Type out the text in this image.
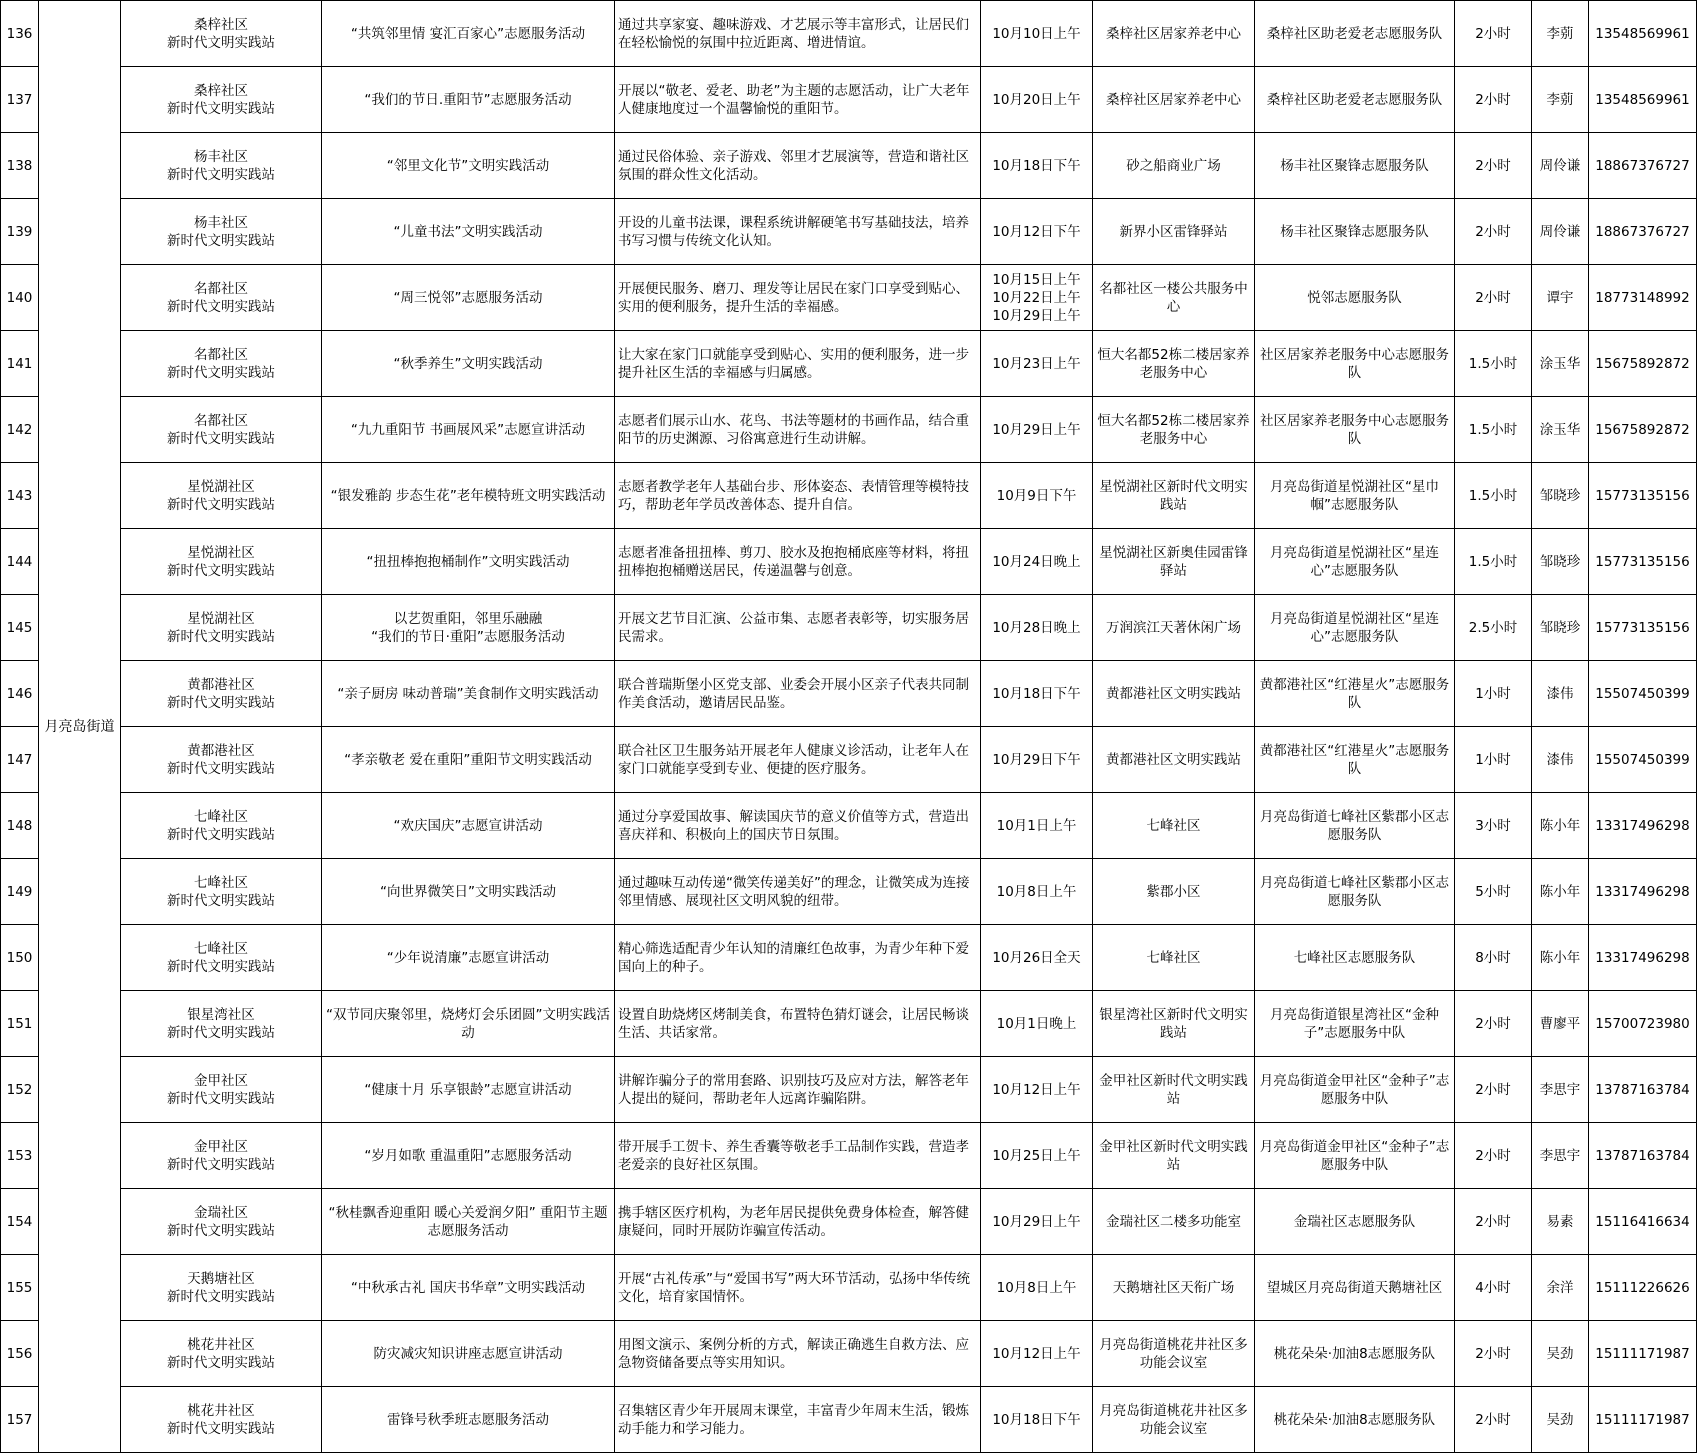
136	月亮岛街道	桑梓社区
新时代文明实践站	“共筑邻里情 宴汇百家心”志愿服务活动	通过共享家宴、趣味游戏、才艺展示等丰富形式，让居民们在轻松愉悦的氛围中拉近距离、增进情谊。	10月10日上午	桑梓社区居家养老中心	桑梓社区助老爱老志愿服务队	2小时	李莂	13548569961
137		桑梓社区
新时代文明实践站	“我们的节日.重阳节”志愿服务活动	开展以“敬老、爱老、助老”为主题的志愿活动，让广大老年人健康地度过一个温馨愉悦的重阳节。	10月20日上午	桑梓社区居家养老中心	桑梓社区助老爱老志愿服务队	2小时	李莂	13548569961
138		杨丰社区
新时代文明实践站	“邻里文化节”文明实践活动	通过民俗体验、亲子游戏、邻里才艺展演等，营造和谐社区氛围的群众性文化活动。	10月18日下午	砂之船商业广场	杨丰社区聚锋志愿服务队	2小时	周伶谦	18867376727
139		杨丰社区
新时代文明实践站	“儿童书法”文明实践活动	开设的儿童书法课，课程系统讲解硬笔书写基础技法，培养书写习惯与传统文化认知。	10月12日下午	新界小区雷锋驿站	杨丰社区聚锋志愿服务队	2小时	周伶谦	18867376727
140		名都社区
新时代文明实践站	“周三悦邻”志愿服务活动	开展便民服务、磨刀、理发等让居民在家门口享受到贴心、实用的便利服务，提升生活的幸福感。	10月15日上午
10月22日上午
10月29日上午	名都社区一楼公共服务中心	悦邻志愿服务队	2小时	谭宇	18773148992
141		名都社区
新时代文明实践站	“秋季养生”文明实践活动	让大家在家门口就能享受到贴心、实用的便利服务，进一步提升社区生活的幸福感与归属感。	10月23日上午	恒大名都52栋二楼居家养老服务中心	社区居家养老服务中心志愿服务队	1.5小时	涂玉华	15675892872
142		名都社区
新时代文明实践站	“九九重阳节 书画展风采”志愿宣讲活动	志愿者们展示山水、花鸟、书法等题材的书画作品，结合重阳节的历史渊源、习俗寓意进行生动讲解。	10月29日上午	恒大名都52栋二楼居家养老服务中心	社区居家养老服务中心志愿服务队	1.5小时	涂玉华	15675892872
143		星悦湖社区
新时代文明实践站	“银发雅韵 步态生花”老年模特班文明实践活动	志愿者教学老年人基础台步、形体姿态、表情管理等模特技巧，帮助老年学员改善体态、提升自信。	10月9日下午	星悦湖社区新时代文明实践站	月亮岛街道星悦湖社区“星巾帼”志愿服务队	1.5小时	邹晓珍	15773135156
144		星悦湖社区
新时代文明实践站	“扭扭棒抱抱桶制作”文明实践活动	志愿者准备扭扭棒、剪刀、胶水及抱抱桶底座等材料，将扭扭棒抱抱桶赠送居民，传递温馨与创意。	10月24日晚上	星悦湖社区新奥佳园雷锋驿站	月亮岛街道星悦湖社区“星连心”志愿服务队	1.5小时	邹晓珍	15773135156
145		星悦湖社区
新时代文明实践站	以艺贺重阳，邻里乐融融
“我们的节日·重阳”志愿服务活动	开展文艺节目汇演、公益市集、志愿者表彰等，切实服务居民需求。	10月28日晚上	万润滨江天著休闲广场	月亮岛街道星悦湖社区“星连心”志愿服务队	2.5小时	邹晓珍	15773135156
146		黄都港社区
新时代文明实践站	“亲子厨房 味动普瑞”美食制作文明实践活动	联合普瑞斯堡小区党支部、业委会开展小区亲子代表共同制作美食活动，邀请居民品鉴。	10月18日下午	黄都港社区文明实践站	黄都港社区“红港星火”志愿服务队	1小时	漆伟	15507450399
147		黄都港社区
新时代文明实践站	“孝亲敬老 爱在重阳”重阳节文明实践活动	联合社区卫生服务站开展老年人健康义诊活动，让老年人在家门口就能享受到专业、便捷的医疗服务。	10月29日下午	黄都港社区文明实践站	黄都港社区“红港星火”志愿服务队	1小时	漆伟	15507450399
148		七峰社区
新时代文明实践站	“欢庆国庆”志愿宣讲活动	通过分享爱国故事、解读国庆节的意义价值等方式，营造出喜庆祥和、积极向上的国庆节日氛围。	10月1日上午	七峰社区	月亮岛街道七峰社区紫郡小区志愿服务队	3小时	陈小年	13317496298
149		七峰社区
新时代文明实践站	“向世界微笑日”文明实践活动	通过趣味互动传递“微笑传递美好”的理念，让微笑成为连接邻里情感、展现社区文明风貌的纽带。	10月8日上午	紫郡小区	月亮岛街道七峰社区紫郡小区志愿服务队	5小时	陈小年	13317496298
150		七峰社区
新时代文明实践站	“少年说清廉”志愿宣讲活动	精心筛选适配青少年认知的清廉红色故事，为青少年种下爱国向上的种子。	10月26日全天	七峰社区	七峰社区志愿服务队	8小时	陈小年	13317496298
151		银星湾社区
新时代文明实践站	“双节同庆聚邻里，烧烤灯会乐团圆”文明实践活动	设置自助烧烤区烤制美食，布置特色猜灯谜会，让居民畅谈生活、共话家常。	10月1日晚上	银星湾社区新时代文明实践站	月亮岛街道银星湾社区“金种子”志愿服务中队	2小时	曹廖平	15700723980
152		金甲社区
新时代文明实践站	“健康十月 乐享银龄”志愿宣讲活动	讲解诈骗分子的常用套路、识别技巧及应对方法，解答老年人提出的疑问，帮助老年人远离诈骗陷阱。	10月12日上午	金甲社区新时代文明实践站	月亮岛街道金甲社区“金种子”志愿服务中队	2小时	李思宇	13787163784
153		金甲社区
新时代文明实践站	“岁月如歌 重温重阳”志愿服务活动	带开展手工贺卡、养生香囊等敬老手工品制作实践，营造孝老爱亲的良好社区氛围。	10月25日上午	金甲社区新时代文明实践站	月亮岛街道金甲社区“金种子”志愿服务中队	2小时	李思宇	13787163784
154		金瑞社区
新时代文明实践站	“秋桂飘香迎重阳 暖心关爱润夕阳” 重阳节主题志愿服务活动	携手辖区医疗机构，为老年居民提供免费身体检查，解答健康疑问，同时开展防诈骗宣传活动。	10月29日上午	金瑞社区二楼多功能室	金瑞社区志愿服务队	2小时	易素	15116416634
155		天鹅塘社区
新时代文明实践站	“中秋承古礼 国庆书华章”文明实践活动	开展“古礼传承”与“爱国书写”两大环节活动，弘扬中华传统文化，培育家国情怀。	10月8日上午	天鹅塘社区天衔广场	望城区月亮岛街道天鹅塘社区	4小时	余洋	15111226626
156		桃花井社区
新时代文明实践站	防灾减灾知识讲座志愿宣讲活动	用图文演示、案例分析的方式，解读正确逃生自救方法、应急物资储备要点等实用知识。	10月12日上午	月亮岛街道桃花井社区多功能会议室	桃花朵朵·加油8志愿服务队	2小时	吴劲	15111171987
157		桃花井社区
新时代文明实践站	雷锋号秋季班志愿服务活动	召集辖区青少年开展周末课堂，丰富青少年周末生活，锻炼动手能力和学习能力。	10月18日下午	月亮岛街道桃花井社区多功能会议室	桃花朵朵·加油8志愿服务队	2小时	吴劲	15111171987
